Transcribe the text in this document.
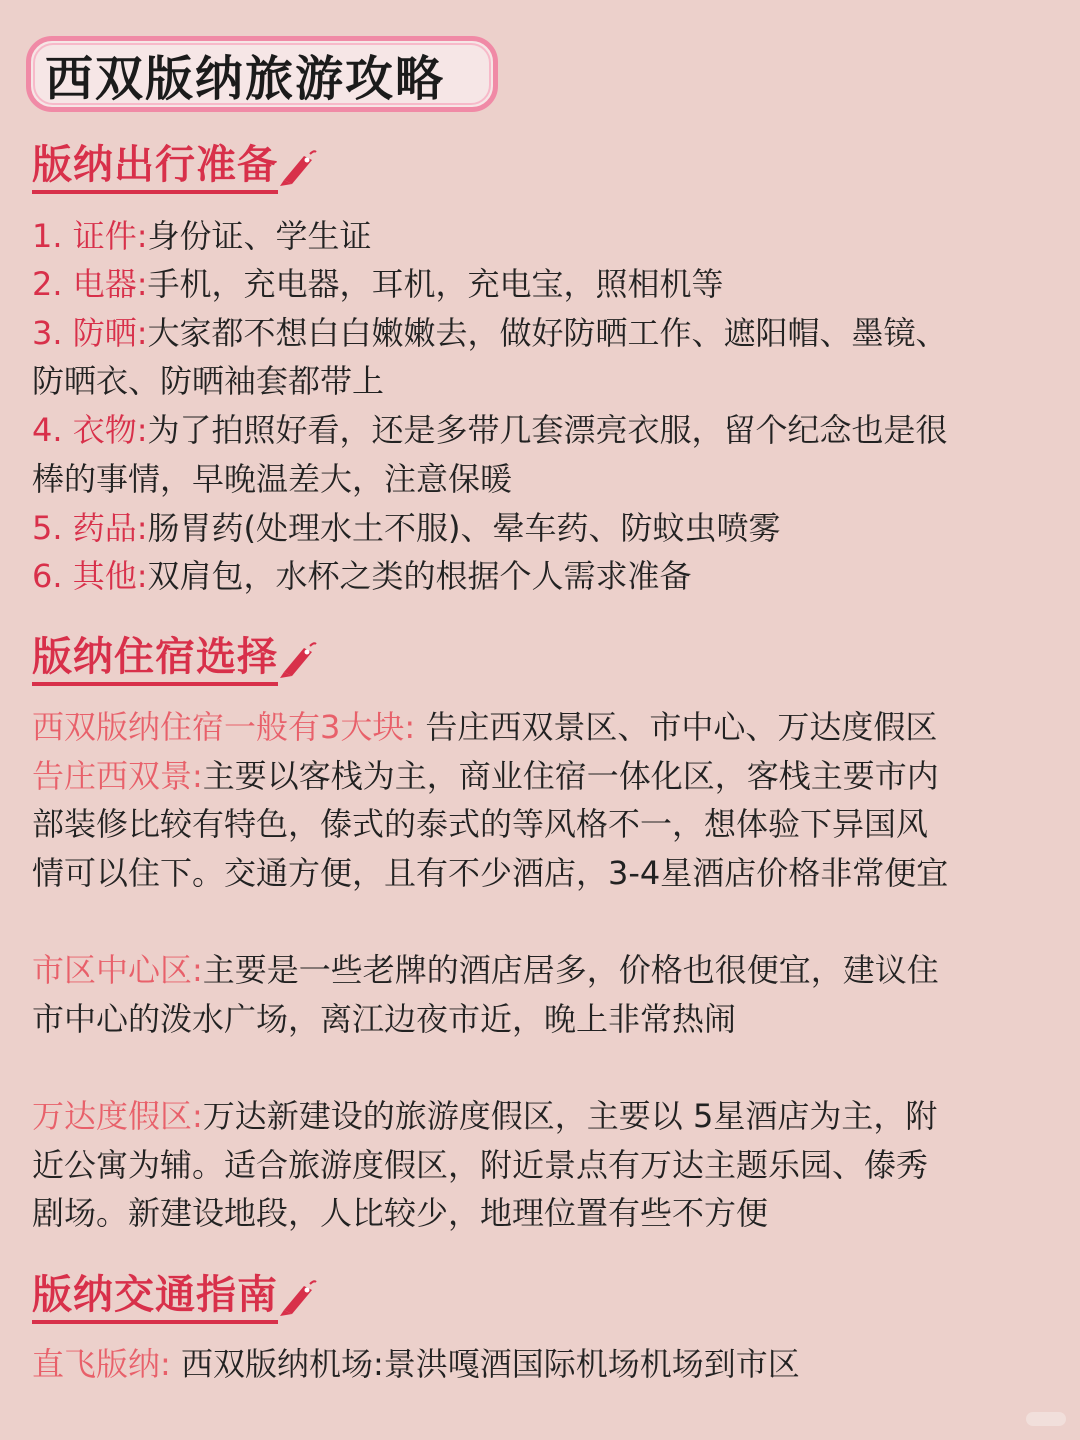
西双版纳旅游攻略
版纳出行准备
1. 证件:身份证、学生证
2. 电器:手机，充电器，耳机，充电宝，照相机等
3. 防晒:大家都不想白白嫩嫩去，做好防晒工作、遮阳帽、墨镜、
防晒衣、防晒袖套都带上
4. 衣物:为了拍照好看，还是多带几套漂亮衣服，留个纪念也是很
棒的事情，早晚温差大，注意保暖
5. 药品:肠胃药(处理水土不服)、晕车药、防蚊虫喷雾
6. 其他:双肩包，水杯之类的根据个人需求准备
版纳住宿选择
西双版纳住宿一般有3大块: 告庄西双景区、市中心、万达度假区
告庄西双景:主要以客栈为主，商业住宿一体化区，客栈主要市内
部装修比较有特色，傣式的泰式的等风格不一，想体验下异国风
情可以住下。交通方便，且有不少酒店，3-4星酒店价格非常便宜
市区中心区:主要是一些老牌的酒店居多，价格也很便宜，建议住
市中心的泼水广场，离江边夜市近，晚上非常热闹
万达度假区:万达新建设的旅游度假区，主要以 5星酒店为主，附
近公寓为辅。适合旅游度假区，附近景点有万达主题乐园、傣秀
剧场。新建设地段，人比较少，地理位置有些不方便
版纳交通指南
直飞版纳: 西双版纳机场:景洪嘎酒国际机场机场到市区
